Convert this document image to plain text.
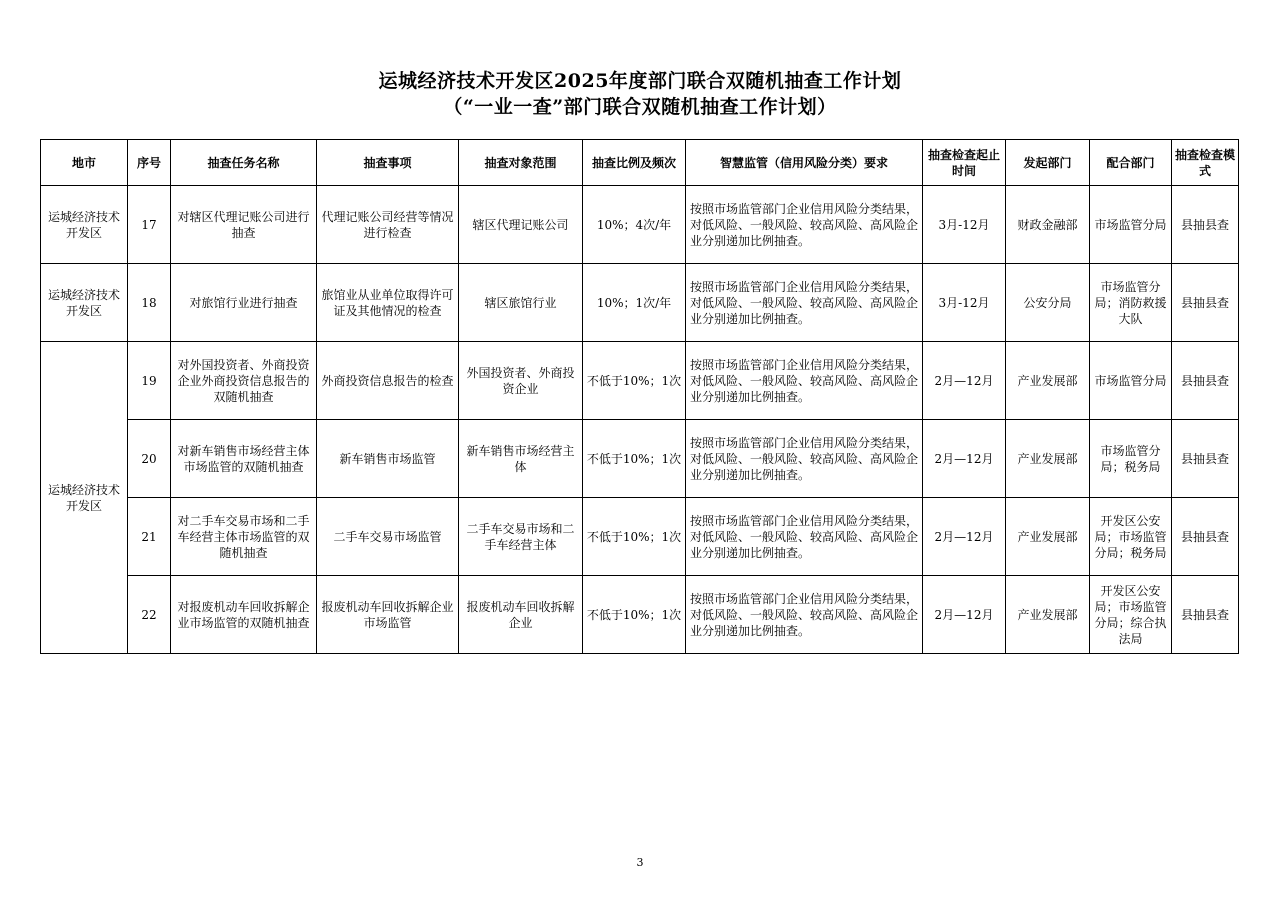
运城经济技术开发区2025年度部门联合双随机抽查工作计划
（“一业一查”部门联合双随机抽查工作计划）
地市	序号	抽查任务名称	抽查事项	抽查对象范围	抽查比例及频次	智慧监管（信用风险分类）要求	抽查检查起止时间	发起部门	配合部门	抽查检查模式
运城经济技术开发区	17	对辖区代理记账公司进行抽查	代理记账公司经营等情况进行检查	辖区代理记账公司	10%；4次/年	按照市场监管部门企业信用风险分类结果，对低风险、一般风险、较高风险、高风险企业分别递加比例抽查。	3月-12月	财政金融部	市场监管分局	县抽县查
运城经济技术开发区	18	对旅馆行业进行抽查	旅馆业从业单位取得许可证及其他情况的检查	辖区旅馆行业	10%；1次/年	按照市场监管部门企业信用风险分类结果，对低风险、一般风险、较高风险、高风险企业分别递加比例抽查。	3月-12月	公安分局	市场监管分局；消防救援大队	县抽县查
运城经济技术开发区	19	对外国投资者、外商投资企业外商投资信息报告的双随机抽查	外商投资信息报告的检查	外国投资者、外商投资企业	不低于10%；1次	按照市场监管部门企业信用风险分类结果，对低风险、一般风险、较高风险、高风险企业分别递加比例抽查。	2月—12月	产业发展部	市场监管分局	县抽县查
	20	对新车销售市场经营主体市场监管的双随机抽查	新车销售市场监管	新车销售市场经营主体	不低于10%；1次	按照市场监管部门企业信用风险分类结果，对低风险、一般风险、较高风险、高风险企业分别递加比例抽查。	2月—12月	产业发展部	市场监管分局；税务局	县抽县查
	21	对二手车交易市场和二手车经营主体市场监管的双随机抽查	二手车交易市场监管	二手车交易市场和二手车经营主体	不低于10%；1次	按照市场监管部门企业信用风险分类结果，对低风险、一般风险、较高风险、高风险企业分别递加比例抽查。	2月—12月	产业发展部	开发区公安局；市场监管分局；税务局	县抽县查
	22	对报废机动车回收拆解企业市场监管的双随机抽查	报废机动车回收拆解企业市场监管	报废机动车回收拆解企业	不低于10%；1次	按照市场监管部门企业信用风险分类结果，对低风险、一般风险、较高风险、高风险企业分别递加比例抽查。	2月—12月	产业发展部	开发区公安局；市场监管分局；综合执法局	县抽县查
3
